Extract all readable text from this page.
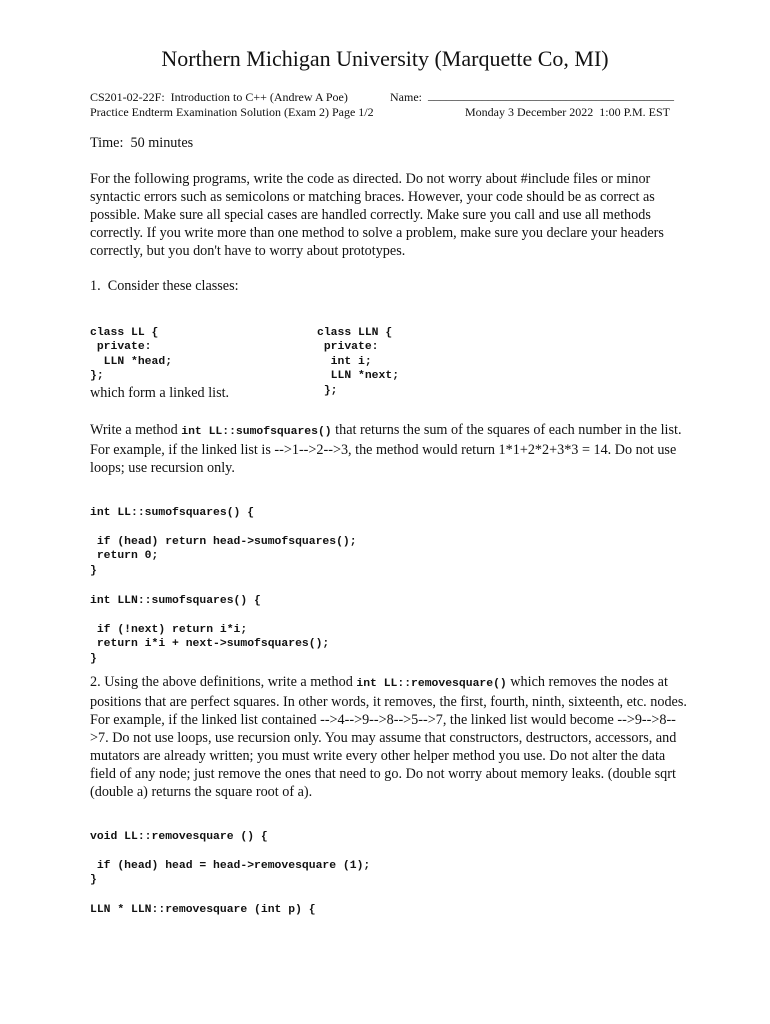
Northern Michigan University (Marquette Co, MI)
CS201-02-22F:  Introduction to C++ (Andrew A Poe)	Name: _________________________________________
Practice Endterm Examination Solution (Exam 2) Page 1/2	Monday 3 December 2022  1:00 P.M. EST
Time:  50 minutes
For the following programs, write the code as directed. Do not worry about #include files or minor syntactic errors such as semicolons or matching braces. However, your code should be as correct as possible. Make sure all special cases are handled correctly. Make sure you call and use all methods correctly. If you write more than one method to solve a problem, make sure you declare your headers correctly, but you don't have to worry about prototypes.
1.  Consider these classes:

class LL {
private:
LLN *head;
};

class LLN {
private:
int i;
LLN *next;
};

which form a linked list.
Write a method int LL::sumofsquares() that returns the sum of the squares of each number in the list. For example, if the linked list is -->1-->2-->3, the method would return 1*1+2*2+3*3 = 14. Do not use loops; use recursion only.

int LL::sumofsquares() {

if (head) return head->sumofsquares();
return 0;
}

int LLN::sumofsquares() {

if (!next) return i*i;
return i*i + next->sumofsquares();
}

2. Using the above definitions, write a method int LL::removesquare() which removes the nodes at positions that are perfect squares. In other words, it removes, the first, fourth, ninth, sixteenth, etc. nodes. For example, if the linked list contained -->4-->9-->8-->5-->7, the linked list would become -->9-->8-->7. Do not use loops, use recursion only. You may assume that constructors, destructors, accessors, and mutators are already written; you must write every other helper method you use. Do not alter the data field of any node; just remove the ones that need to go. Do not worry about memory leaks. (double sqrt (double a) returns the square root of a).

void LL::removesquare () {

if (head) head = head->removesquare (1);
}

LLN * LLN::removesquare (int p) {
